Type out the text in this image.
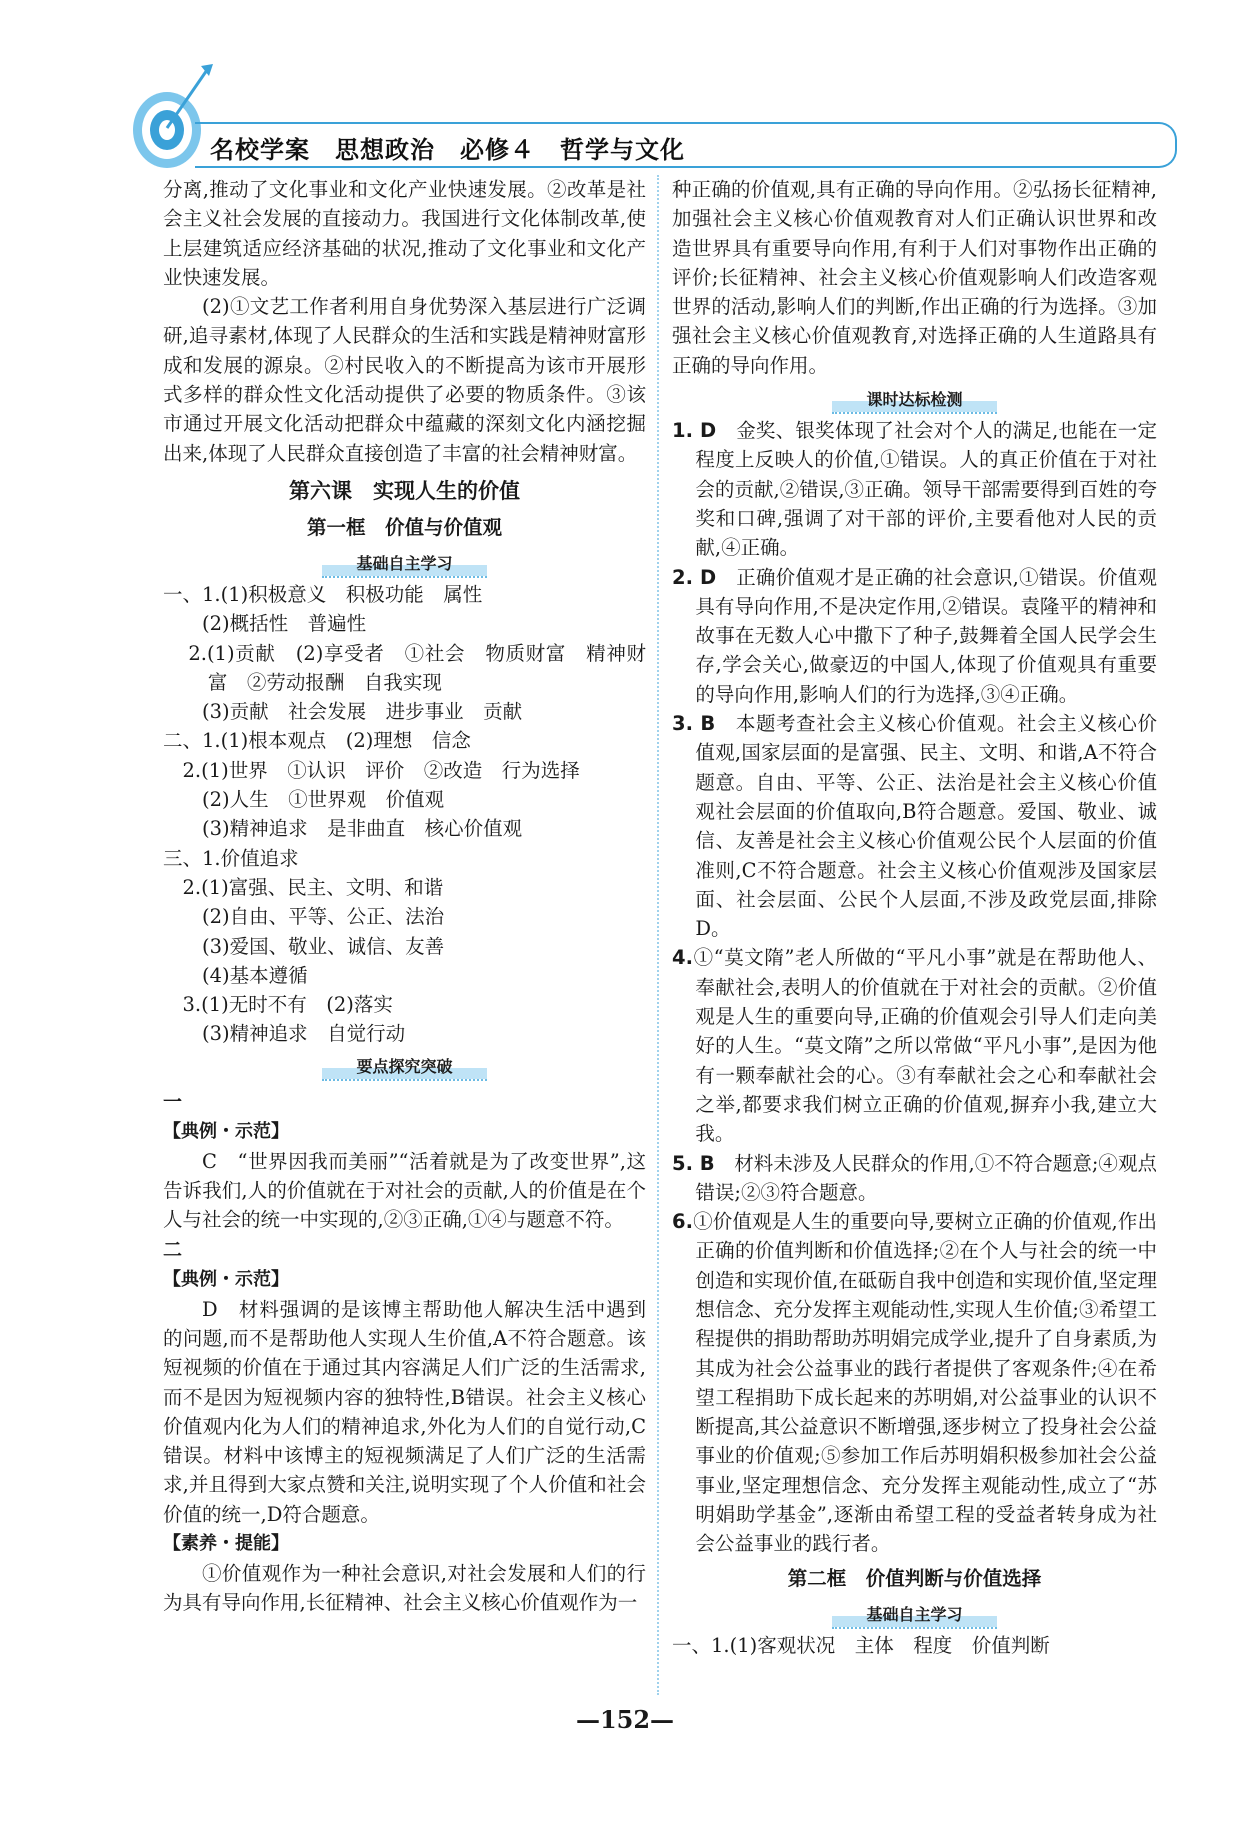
名校学案　思想政治　必修４　哲学与文化

分离,推动了文化事业和文化产业快速发展。②改革是社会主义社会发展的直接动力。我国进行文化体制改革,使上层建筑适应经济基础的状况,推动了文化事业和文化产业快速发展。

(2)①文艺工作者利用自身优势深入基层进行广泛调研,追寻素材,体现了人民群众的生活和实践是精神财富形成和发展的源泉。②村民收入的不断提高为该市开展形式多样的群众性文化活动提供了必要的物质条件。③该市通过开展文化活动把群众中蕴藏的深刻文化内涵挖掘出来,体现了人民群众直接创造了丰富的社会精神财富。

第六课　实现人生的价值
第一框　价值与价值观
基础自主学习

一、1.(1)积极意义　积极功能　属性

(2)概括性　普遍性

2.(1)贡献　(2)享受者　①社会　物质财富　精神财富　②劳动报酬　自我实现

(3)贡献　社会发展　进步事业　贡献

二、1.(1)根本观点　(2)理想　信念

2.(1)世界　①认识　评价　②改造　行为选择

(2)人生　①世界观　价值观

(3)精神追求　是非曲直　核心价值观

三、1.价值追求

2.(1)富强、民主、文明、和谐

(2)自由、平等、公正、法治

(3)爱国、敬业、诚信、友善

(4)基本遵循

3.(1)无时不有　(2)落实

(3)精神追求　自觉行动

要点探究突破
一
【典例・示范】

C　“世界因我而美丽”“活着就是为了改变世界”,这告诉我们,人的价值就在于对社会的贡献,人的价值是在个人与社会的统一中实现的,②③正确,①④与题意不符。

二
【典例・示范】

D　材料强调的是该博主帮助他人解决生活中遇到的问题,而不是帮助他人实现人生价值,A不符合题意。该短视频的价值在于通过其内容满足人们广泛的生活需求,而不是因为短视频内容的独特性,B错误。社会主义核心价值观内化为人们的精神追求,外化为人们的自觉行动,C错误。材料中该博主的短视频满足了人们广泛的生活需求,并且得到大家点赞和关注,说明实现了个人价值和社会价值的统一,D符合题意。

【素养・提能】

①价值观作为一种社会意识,对社会发展和人们的行为具有导向作用,长征精神、社会主义核心价值观作为一

种正确的价值观,具有正确的导向作用。②弘扬长征精神,加强社会主义核心价值观教育对人们正确认识世界和改造世界具有重要导向作用,有利于人们对事物作出正确的评价;长征精神、社会主义核心价值观影响人们改造客观世界的活动,影响人们的判断,作出正确的行为选择。③加强社会主义核心价值观教育,对选择正确的人生道路具有正确的导向作用。

课时达标检测

1. D　金奖、银奖体现了社会对个人的满足,也能在一定程度上反映人的价值,①错误。人的真正价值在于对社会的贡献,②错误,③正确。领导干部需要得到百姓的夸奖和口碑,强调了对干部的评价,主要看他对人民的贡献,④正确。

2. D　正确价值观才是正确的社会意识,①错误。价值观具有导向作用,不是决定作用,②错误。袁隆平的精神和故事在无数人心中撒下了种子,鼓舞着全国人民学会生存,学会关心,做豪迈的中国人,体现了价值观具有重要的导向作用,影响人们的行为选择,③④正确。

3. B　本题考查社会主义核心价值观。社会主义核心价值观,国家层面的是富强、民主、文明、和谐,A不符合题意。自由、平等、公正、法治是社会主义核心价值观社会层面的价值取向,B符合题意。爱国、敬业、诚信、友善是社会主义核心价值观公民个人层面的价值准则,C不符合题意。社会主义核心价值观涉及国家层面、社会层面、公民个人层面,不涉及政党层面,排除D。

4.①“莫文隋”老人所做的“平凡小事”就是在帮助他人、奉献社会,表明人的价值就在于对社会的贡献。②价值观是人生的重要向导,正确的价值观会引导人们走向美好的人生。“莫文隋”之所以常做“平凡小事”,是因为他有一颗奉献社会的心。③有奉献社会之心和奉献社会之举,都要求我们树立正确的价值观,摒弃小我,建立大我。

5. B　材料未涉及人民群众的作用,①不符合题意;④观点错误;②③符合题意。

6.①价值观是人生的重要向导,要树立正确的价值观,作出正确的价值判断和价值选择;②在个人与社会的统一中创造和实现价值,在砥砺自我中创造和实现价值,坚定理想信念、充分发挥主观能动性,实现人生价值;③希望工程提供的捐助帮助苏明娟完成学业,提升了自身素质,为其成为社会公益事业的践行者提供了客观条件;④在希望工程捐助下成长起来的苏明娟,对公益事业的认识不断提高,其公益意识不断增强,逐步树立了投身社会公益事业的价值观;⑤参加工作后苏明娟积极参加社会公益事业,坚定理想信念、充分发挥主观能动性,成立了“苏明娟助学基金”,逐渐由希望工程的受益者转身成为社会公益事业的践行者。

第二框　价值判断与价值选择
基础自主学习

一、1.(1)客观状况　主体　程度　价值判断

—152—
